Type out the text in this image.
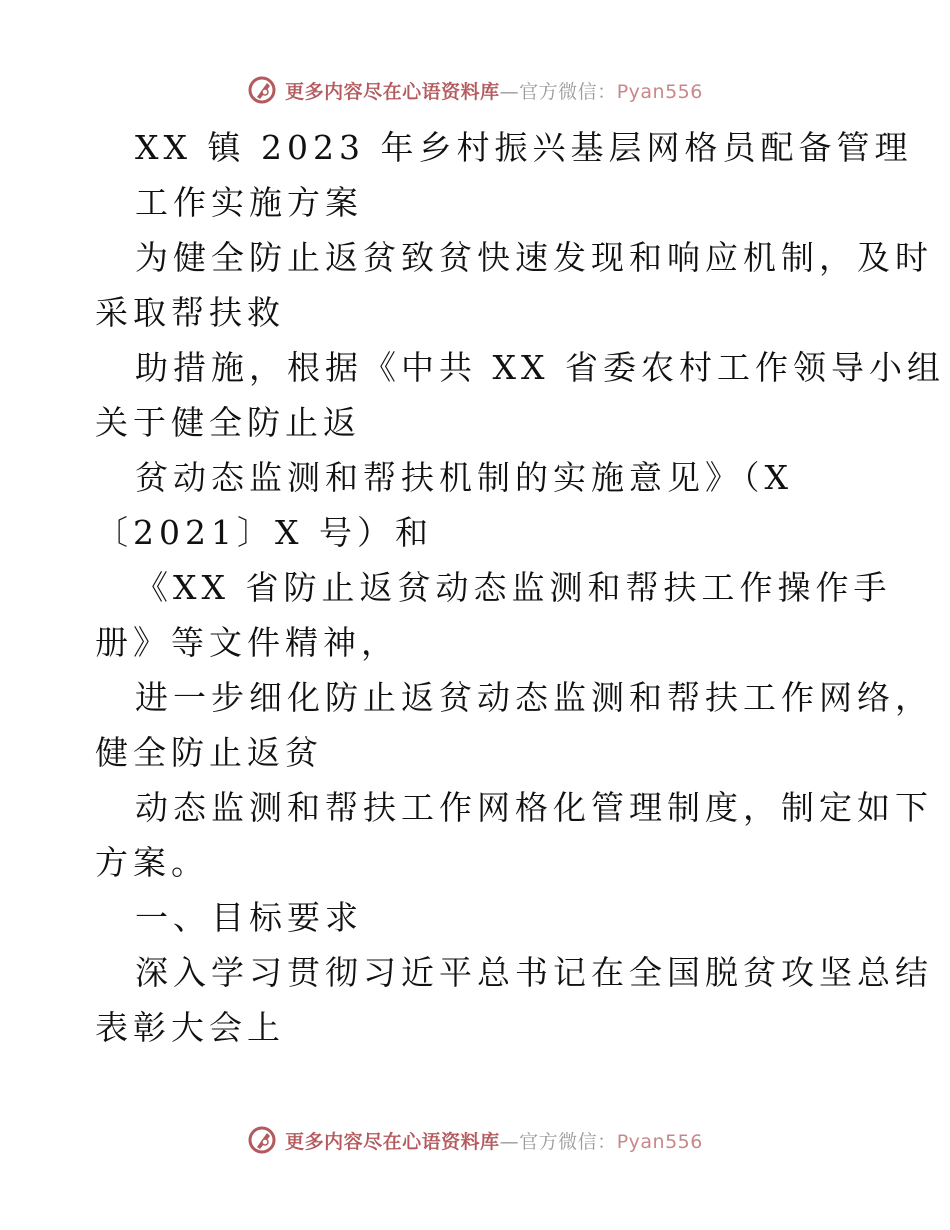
更多内容尽在心语资料库—官方微信：Pyan556
XX 镇 2023 年乡村振兴基层网格员配备管理
工作实施方案
为健全防止返贫致贫快速发现和响应机制，及时
采取帮扶救
助措施，根据《中共 XX 省委农村工作领导小组
关于健全防止返
贫动态监测和帮扶机制的实施意见》（X
〔2021〕X 号）和
《XX 省防止返贫动态监测和帮扶工作操作手
册》等文件精神，
进一步细化防止返贫动态监测和帮扶工作网络，
健全防止返贫
动态监测和帮扶工作网格化管理制度，制定如下
方案。
一、目标要求
深入学习贯彻习近平总书记在全国脱贫攻坚总结
表彰大会上
更多内容尽在心语资料库—官方微信：Pyan556
